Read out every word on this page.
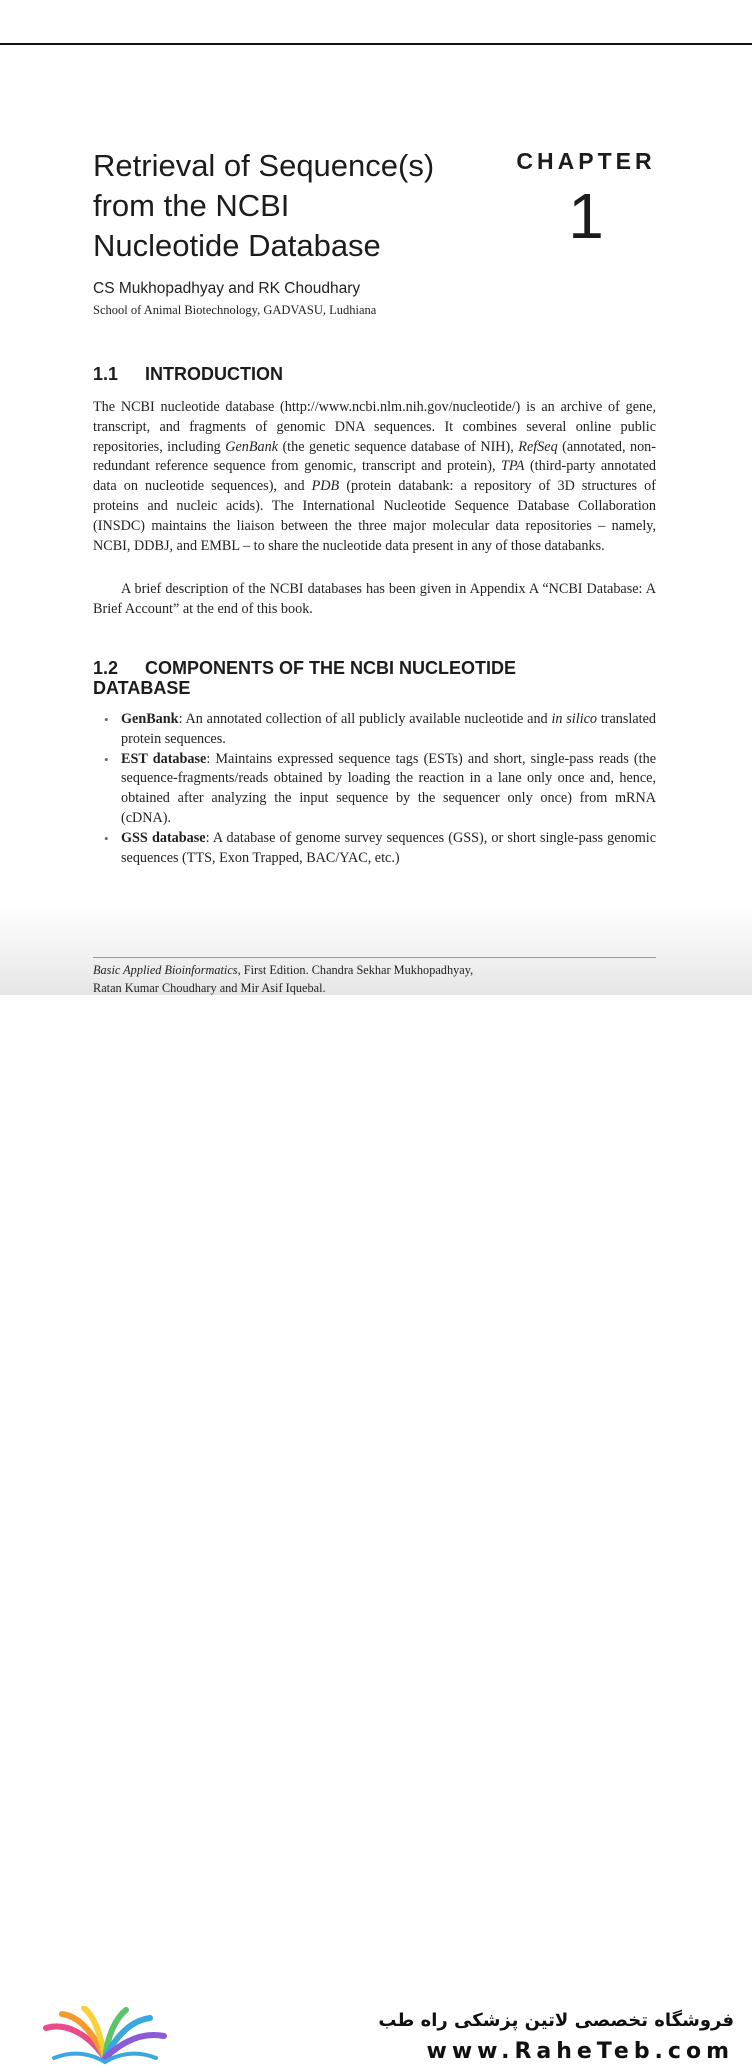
Retrieval of Sequence(s)
from the NCBI
Nucleotide Database
CHAPTER
1
CS Mukhopadhyay and RK Choudhary
School of Animal Biotechnology, GADVASU, Ludhiana
1.1 INTRODUCTION

The NCBI nucleotide database (http://www.ncbi.nlm.nih.gov/nucleotide/) is an archive of gene, transcript, and fragments of genomic DNA sequences. It combines several online public repositories, including GenBank (the genetic sequence database of NIH), RefSeq (annotated, non-redundant reference sequence from genomic, transcript and protein), TPA (third-party annotated data on nucleotide sequences), and PDB (protein databank: a repository of 3D structures of proteins and nucleic acids). The International Nucleotide Sequence Database Collaboration (INSDC) maintains the liaison between the three major molecular data repositories – namely, NCBI, DDBJ, and EMBL – to share the nucleotide data present in any of those databanks.

A brief description of the NCBI databases has been given in Appendix A “NCBI Database: A Brief Account” at the end of this book.

1.2 COMPONENTS OF THE NCBI NUCLEOTIDE
DATABASE
• GenBank: An annotated collection of all publicly available nucleotide and in silico translated protein sequences.
• EST database: Maintains expressed sequence tags (ESTs) and short, single-pass reads (the sequence-fragments/reads obtained by loading the reaction in a lane only once and, hence, obtained after analyzing the input sequence by the sequencer only once) from mRNA (cDNA).
• GSS database: A database of genome survey sequences (GSS), or short single-pass genomic sequences (TTS, Exon Trapped, BAC/YAC, etc.)
Basic Applied Bioinformatics, First Edition. Chandra Sekhar Mukhopadhyay,
Ratan Kumar Choudhary and Mir Asif Iquebal.
فروشگاه تخصصی لاتین پزشکی راه طب
www.RaheTeb.com
